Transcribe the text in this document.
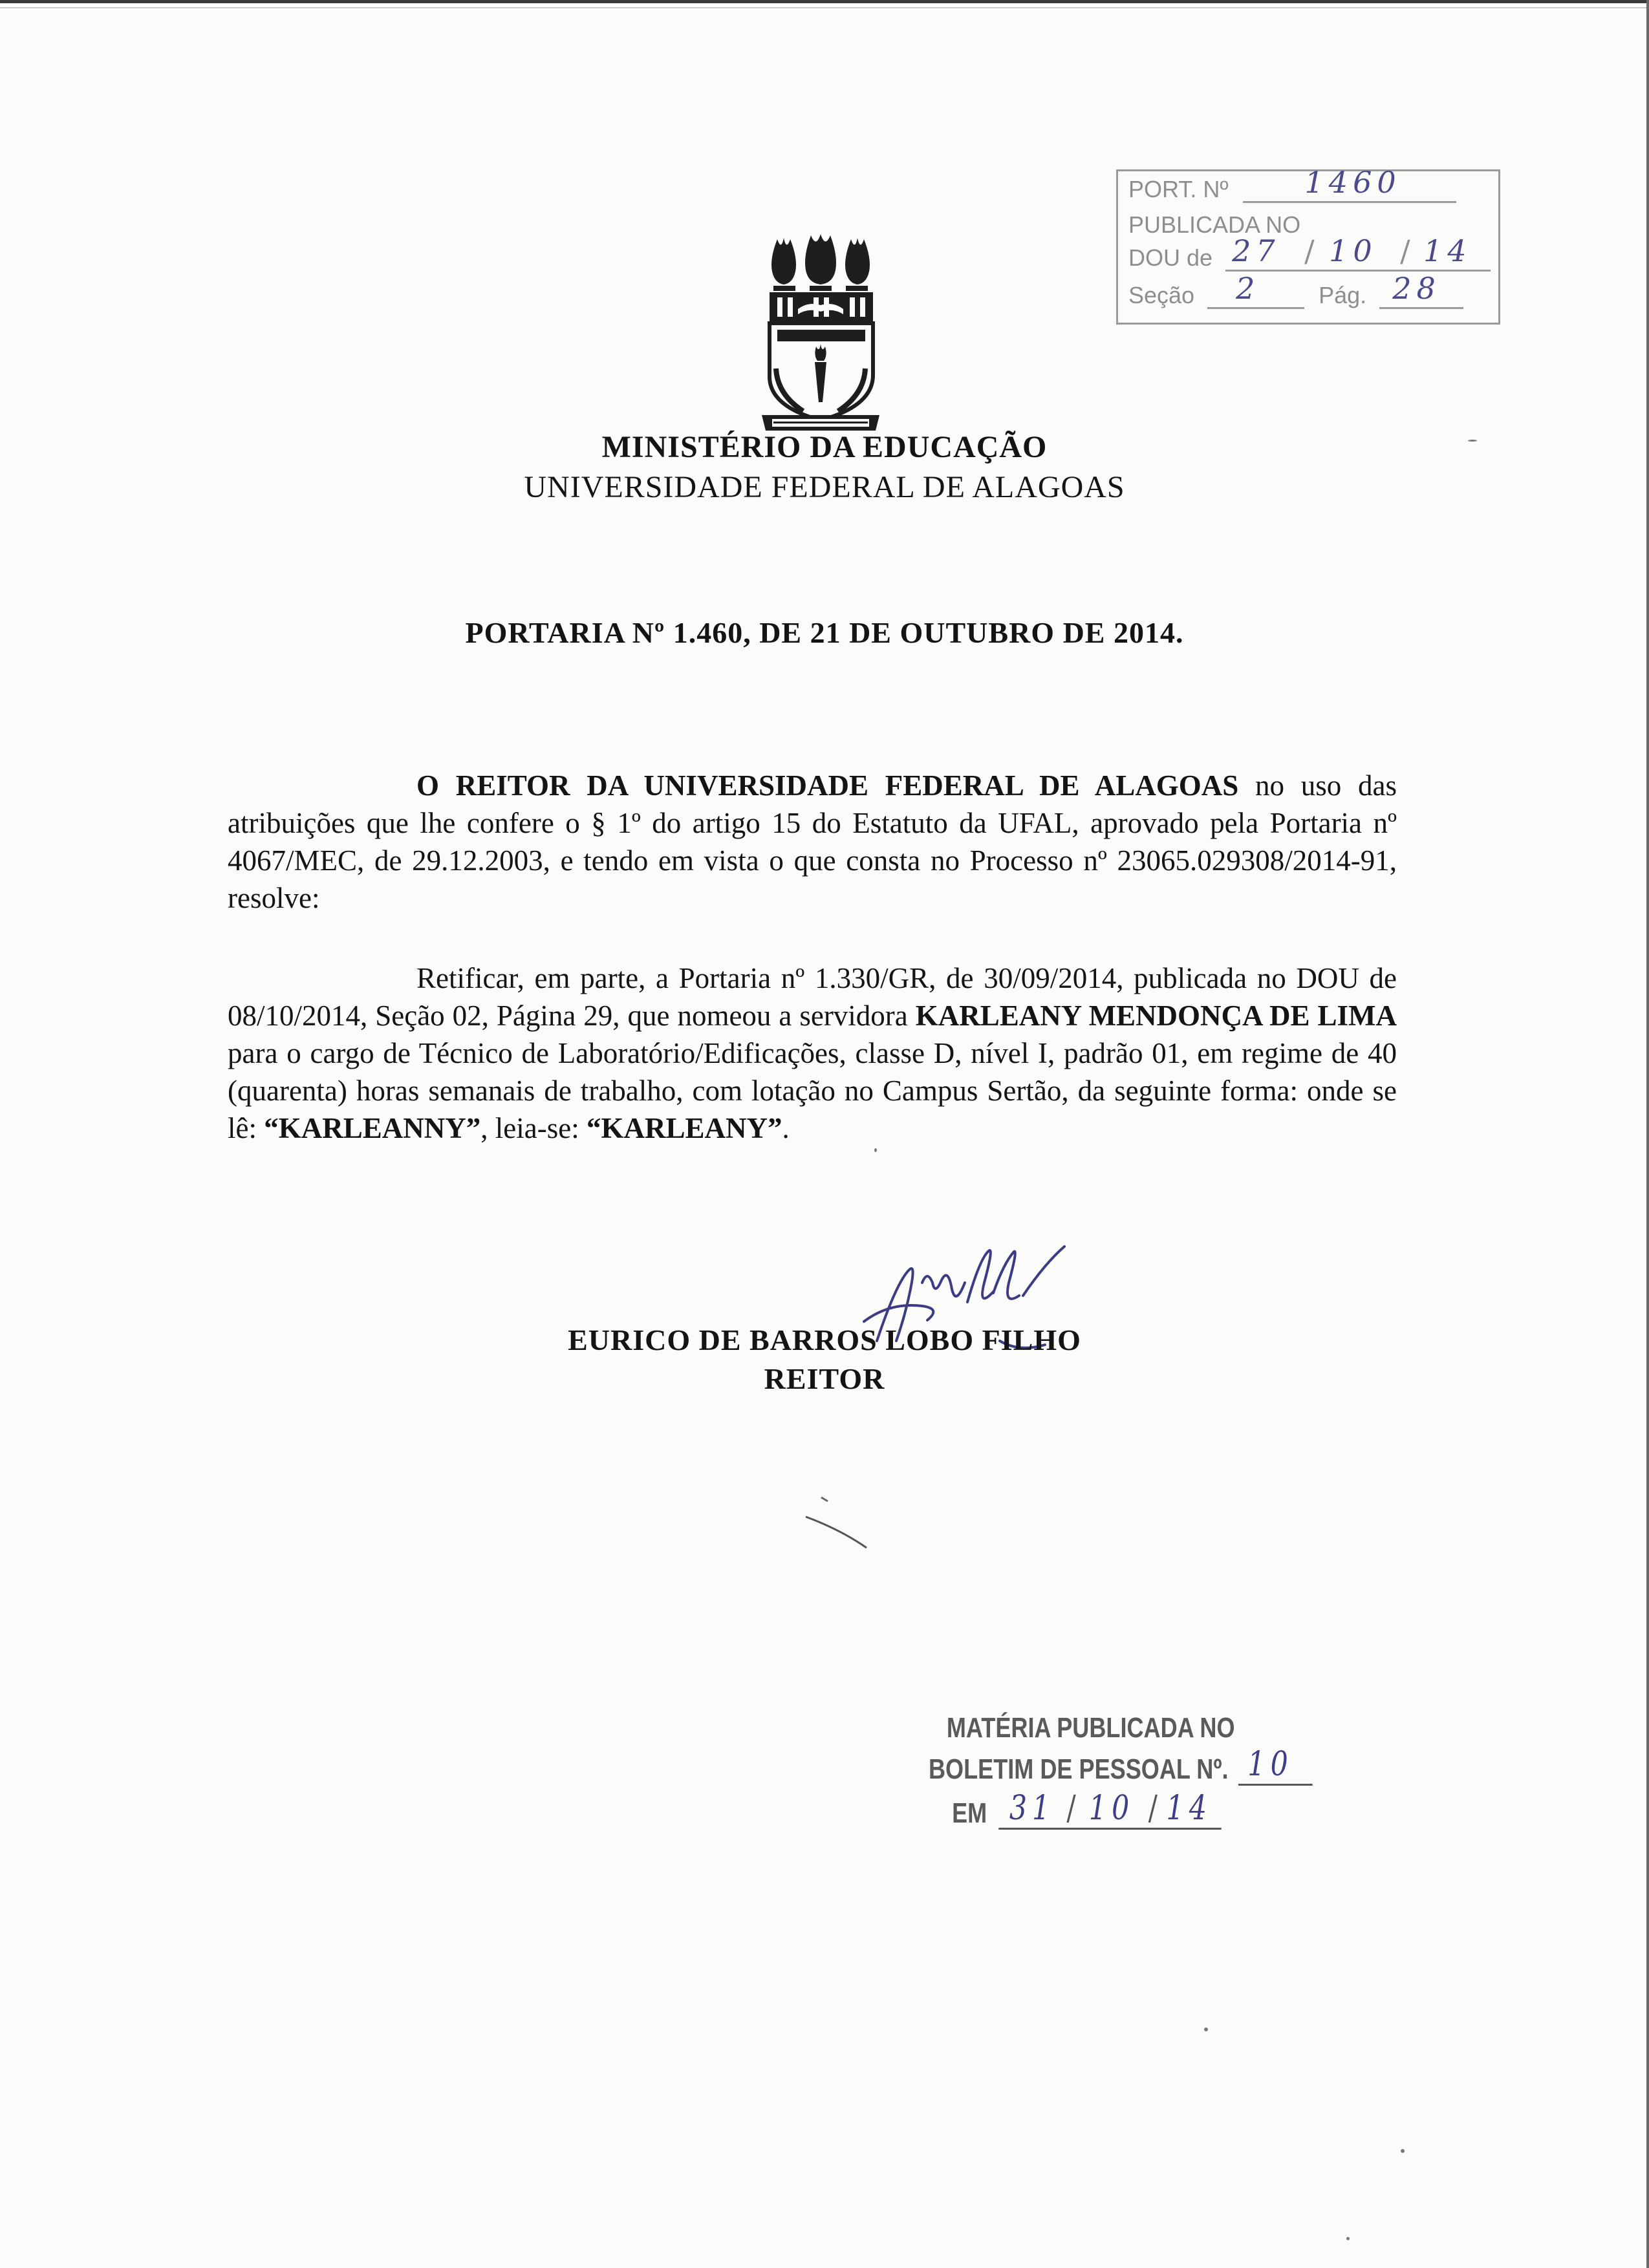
PORT. Nº	1460
PUBLICADA NO
DOU de 27 / 10 / 14
Seção 2	Pág. 28
MINISTÉRIO DA EDUCAÇÃO
UNIVERSIDADE FEDERAL DE ALAGOAS
PORTARIA Nº 1.460, DE 21 DE OUTUBRO DE 2014.
O REITOR DA UNIVERSIDADE FEDERAL DE ALAGOAS no uso das atribuições que lhe confere o § 1º do artigo 15 do Estatuto da UFAL, aprovado pela Portaria nº 4067/MEC, de 29.12.2003, e tendo em vista o que consta no Processo nº 23065.029308/2014-91, resolve:
Retificar, em parte, a Portaria nº 1.330/GR, de 30/09/2014, publicada no DOU de 08/10/2014, Seção 02, Página 29, que nomeou a servidora KARLEANY MENDONÇA DE LIMA para o cargo de Técnico de Laboratório/Edificações, classe D, nível I, padrão 01, em regime de 40 (quarenta) horas semanais de trabalho, com lotação no Campus Sertão, da seguinte forma: onde se lê: “KARLEANNY”, leia-se: “KARLEANY”.
EURICO DE BARROS LOBO FILHO
REITOR
MATÉRIA PUBLICADA NO
BOLETIM DE PESSOAL Nº. 10
EM 31 / 10 / 14
